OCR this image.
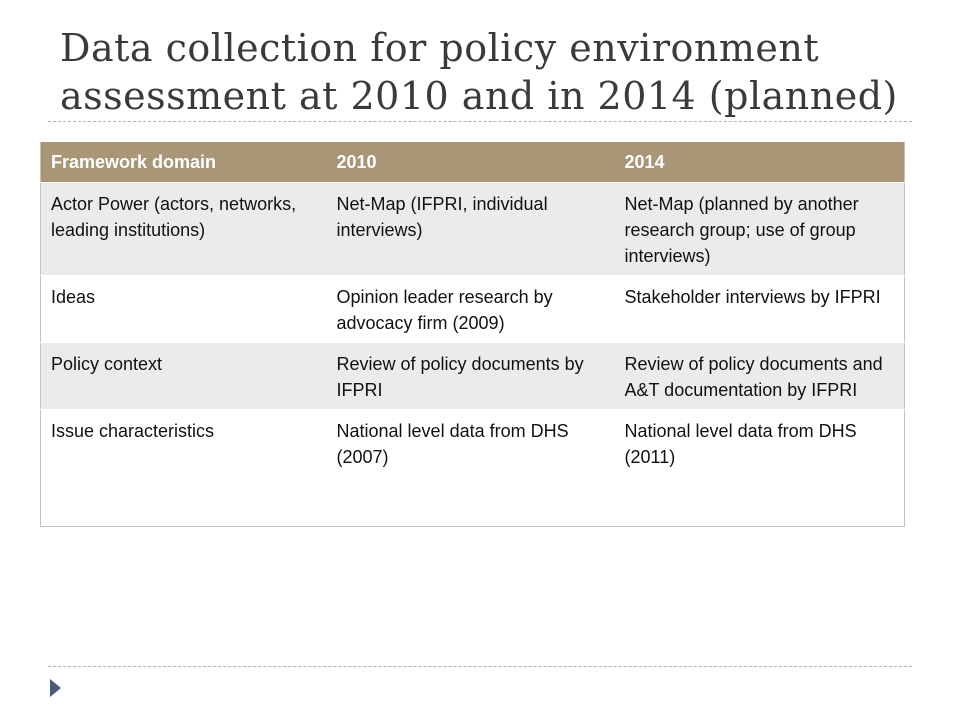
Data collection for policy environment
assessment at 2010 and in 2014 (planned)
Framework domain	2010	2014
Actor Power (actors, networks, leading institutions)	Net-Map (IFPRI, individual interviews)	Net-Map (planned by another research group; use of group interviews)
Ideas	Opinion leader research by advocacy firm (2009)	Stakeholder interviews by IFPRI
Policy context	Review of policy documents by IFPRI	Review of policy documents and A&T documentation by IFPRI
Issue characteristics	National level data from DHS (2007)	National level data from DHS (2011)
